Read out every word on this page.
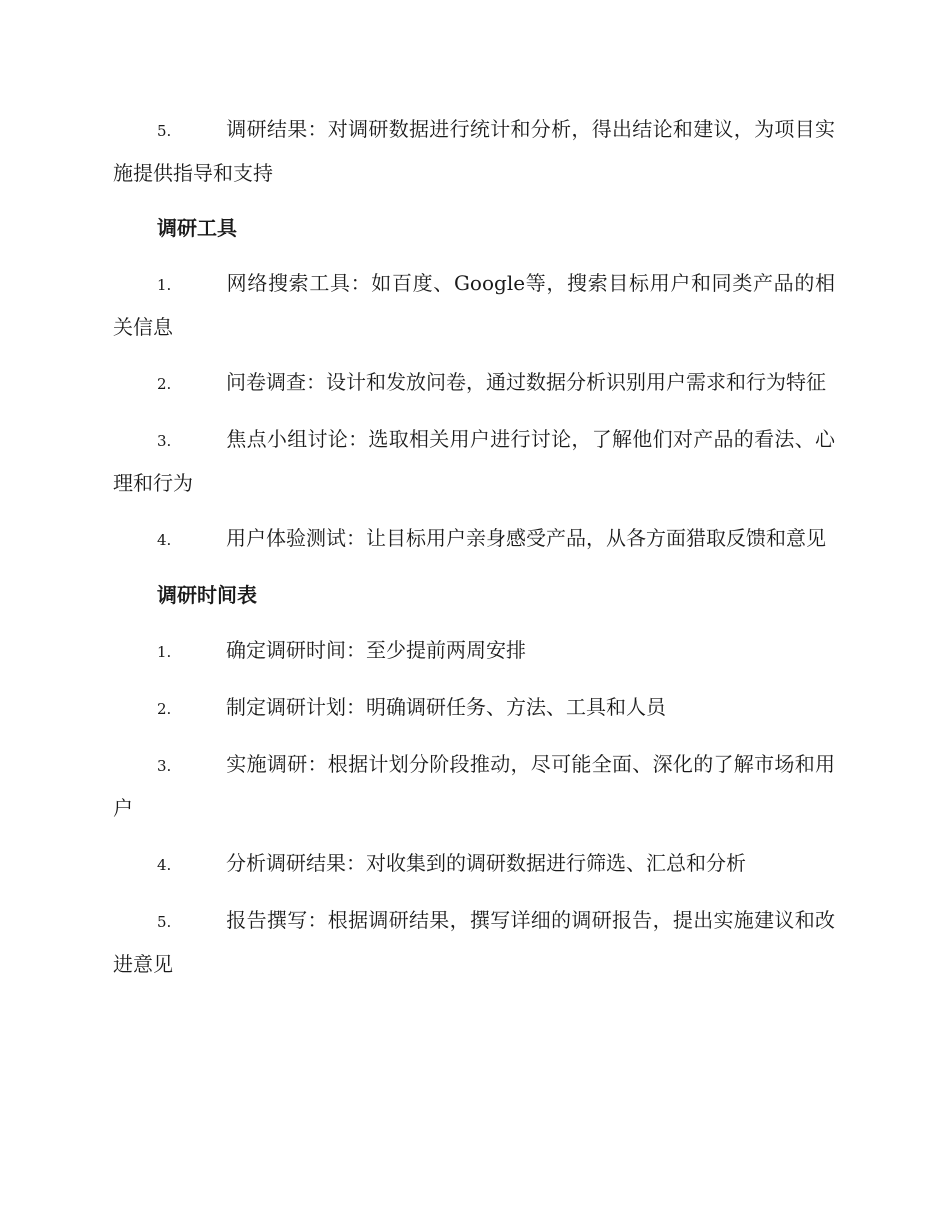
5.	调研结果：对调研数据进行统计和分析，得出结论和建议，为项目实施提供指导和支持

调研工具

1.	网络搜索工具：如百度、Google等，搜索目标用户和同类产品的相关信息

2.	问卷调查：设计和发放问卷，通过数据分析识别用户需求和行为特征

3.	焦点小组讨论：选取相关用户进行讨论，了解他们对产品的看法、心理和行为

4.	用户体验测试：让目标用户亲身感受产品，从各方面猎取反馈和意见

调研时间表

1.	确定调研时间：至少提前两周安排

2.	制定调研计划：明确调研任务、方法、工具和人员

3.	实施调研：根据计划分阶段推动，尽可能全面、深化的了解市场和用户

4.	分析调研结果：对收集到的调研数据进行筛选、汇总和分析

5.	报告撰写：根据调研结果，撰写详细的调研报告，提出实施建议和改进意见
